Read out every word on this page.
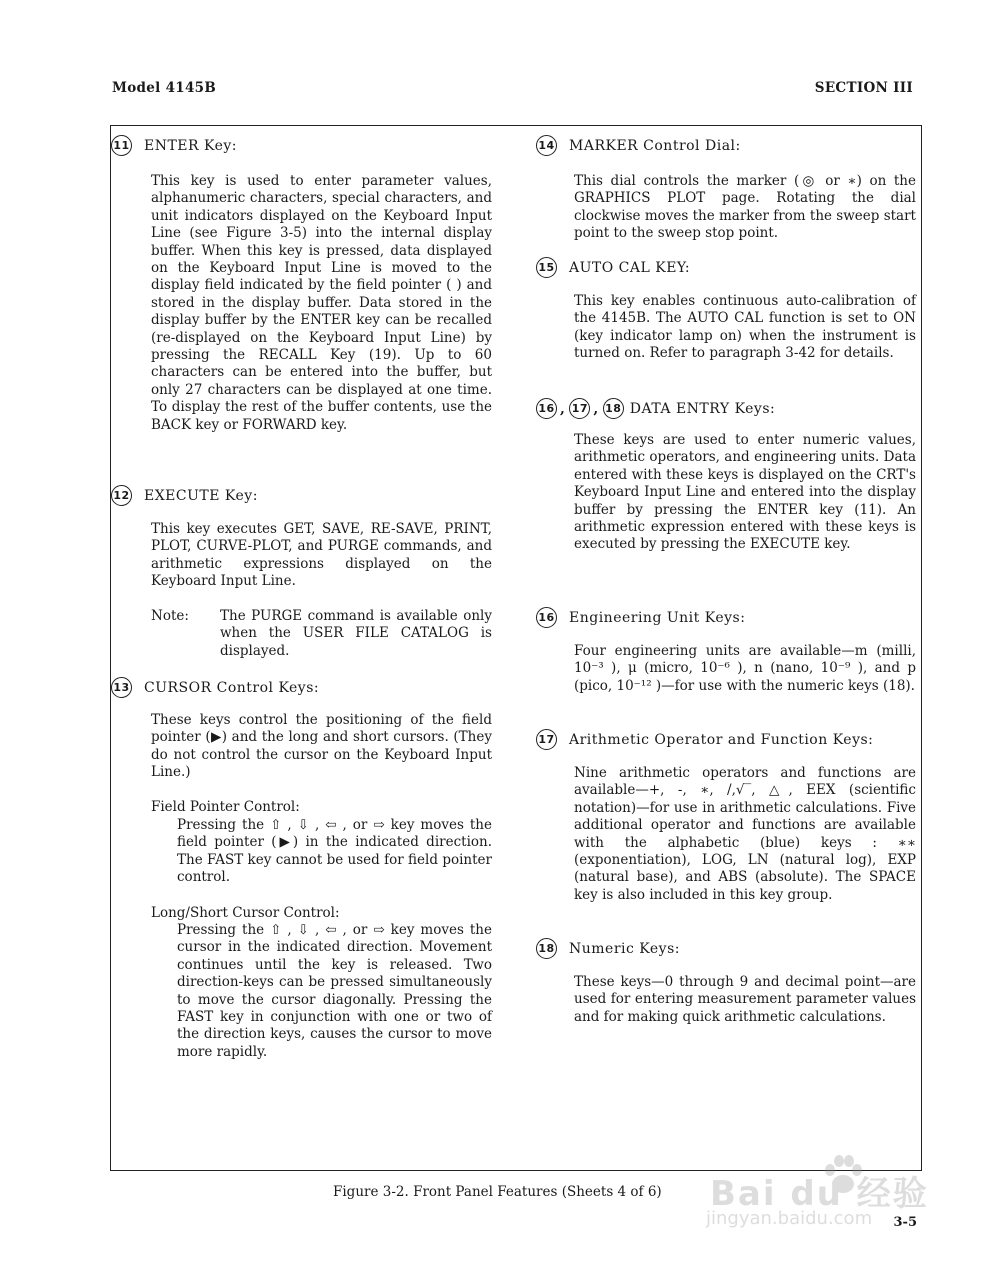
Model 4145B	SECTION III
11 ENTER Key:
This key is used to enter parameter values, alphanumeric characters, special characters, and unit indicators displayed on the Keyboard Input Line (see Figure 3-5) into the internal display buffer. When this key is pressed, data displayed on the Keyboard Input Line is moved to the display field indicated by the field pointer ( ) and stored in the display buffer. Data stored in the display buffer by the ENTER key can be recalled (re-displayed on the Keyboard Input Line) by pressing the RECALL Key (19). Up to 60 characters can be entered into the buffer, but only 27 characters can be displayed at one time. To display the rest of the buffer contents, use the BACK key or FORWARD key.
12 EXECUTE Key:
This key executes GET, SAVE, RE-SAVE, PRINT, PLOT, CURVE-PLOT, and PURGE commands, and arithmetic expressions displayed on the Keyboard Input Line.
Note: The PURGE command is available only when the USER FILE CATALOG is displayed.
13 CURSOR Control Keys:
These keys control the positioning of the field pointer (▶) and the long and short cursors. (They do not control the cursor on the Keyboard Input Line.)
Field Pointer Control:
Pressing the ⇧ , ⇩ , ⇦ , or ⇨ key moves the field pointer (▶) in the indicated direction. The FAST key cannot be used for field pointer control.
Long/Short Cursor Control:
Pressing the ⇧ , ⇩ , ⇦ , or ⇨ key moves the cursor in the indicated direction. Movement continues until the key is released. Two direction-keys can be pressed simultaneously to move the cursor diagonally. Pressing the FAST key in conjunction with one or two of the direction keys, causes the cursor to move more rapidly.
14 MARKER Control Dial:
This dial controls the marker (◎ or ∗) on the GRAPHICS PLOT page. Rotating the dial clockwise moves the marker from the sweep start point to the sweep stop point.
15 AUTO CAL KEY:
This key enables continuous auto-calibration of the 4145B. The AUTO CAL function is set to ON (key indicator lamp on) when the instrument is turned on. Refer to paragraph 3-42 for details.
16 , 17 , 18 DATA ENTRY Keys:
These keys are used to enter numeric values, arithmetic operators, and engineering units. Data entered with these keys is displayed on the CRT's Keyboard Input Line and entered into the display buffer by pressing the ENTER key (11). An arithmetic expression entered with these keys is executed by pressing the EXECUTE key.
16 Engineering Unit Keys:
Four engineering units are available—m (milli, 10⁻³ ), μ (micro, 10⁻⁶ ), n (nano, 10⁻⁹ ), and p (pico, 10⁻¹² )—for use with the numeric keys (18).
17 Arithmetic Operator and Function Keys:
Nine arithmetic operators and functions are available—+, -, ∗, /,√‾, △, EEX (scientific notation)—for use in arithmetic calculations. Five additional operator and functions are available with the alphabetic (blue) keys : ∗∗ (exponentiation), LOG, LN (natural log), EXP (natural base), and ABS (absolute). The SPACE key is also included in this key group.
18 Numeric Keys:
These keys—0 through 9 and decimal point—are used for entering measurement parameter values and for making quick arithmetic calculations.
Figure 3-2. Front Panel Features (Sheets 4 of 6)
3-5
Bai du 经验
jingyan.baidu.com
